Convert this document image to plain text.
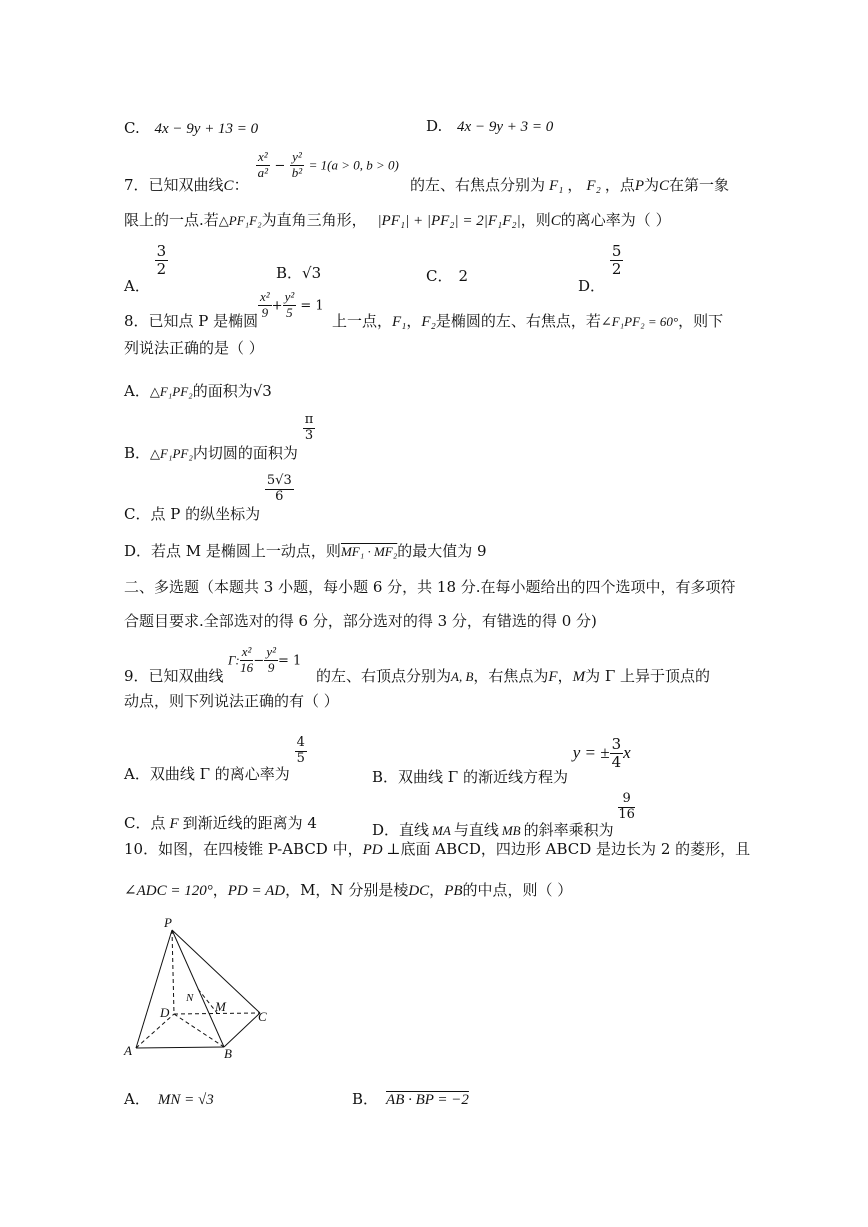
C. 4x − 9y + 13 = 0	D. 4x − 9y + 3 = 0
7．已知双曲线C：
$\frac{\text{x²}}{\text{a²}} - \frac{\text{y²}}{\text{b²}} = 1(a > 0$, b > 0)
的左、右焦点分别为 F₁ ， F₂ ，点P为C在第一象
限上的一点.若△PF₁F₂为直角三角形， |PF₁| + |PF₂| = 2|F₁F₂|，则C的离心率为（ ）
A．
$\frac{3}{2}$	B．√3	C． 2
D．
$\frac{5}{2}$
8．已知点 P 是椭圆
$\frac{\text{x²}}{9} + \frac{\text{y²}}{5} = 1$
上一点，F₁，F₂是椭圆的左、右焦点，若∠F₁PF₂ = 60°，则下
列说法正确的是（ ）
A．△F₁PF₂的面积为√3
B．△F₁PF₂内切圆的面积为
$\frac{\pi}{3}$
C．点 P 的纵坐标为
$\frac{5√3}{6}$
D．若点 M 是椭圆上一动点，则MF₁ · MF₂的最大值为 9
二、多选题（本题共 3 小题，每小题 6 分，共 18 分.在每小题给出的四个选项中，有多项符
合题目要求.全部选对的得 6 分，部分选对的得 3 分，有错选的得 0 分)
9．已知双曲线
Γ: $\frac{\text{x²}}{16} - \frac{\text{y²}}{9} = 1$
的左、右顶点分别为A, B，右焦点为F，M为 Γ 上异于顶点的
动点，则下列说法正确的有（ ）
A．双曲线 Γ 的离心率为
$\frac{4}{5}$
B．双曲线 Γ 的渐近线方程为 y = ± $\frac{3}{4}$ x
C．点 F 到渐近线的距离为 4	D．直线 MA 与直线 MB 的斜率乘积为
$\frac{9}{16}$
10．如图，在四棱锥 P-ABCD 中，PD ⊥底面 ABCD，四边形 ABCD 是边长为 2 的菱形，且
∠ADC = 120°，PD = AD，M，N 分别是棱DC，PB的中点，则（ ）
P
N
M
D	C
A	B
A． MN = √3	B． AB · BP = −2
